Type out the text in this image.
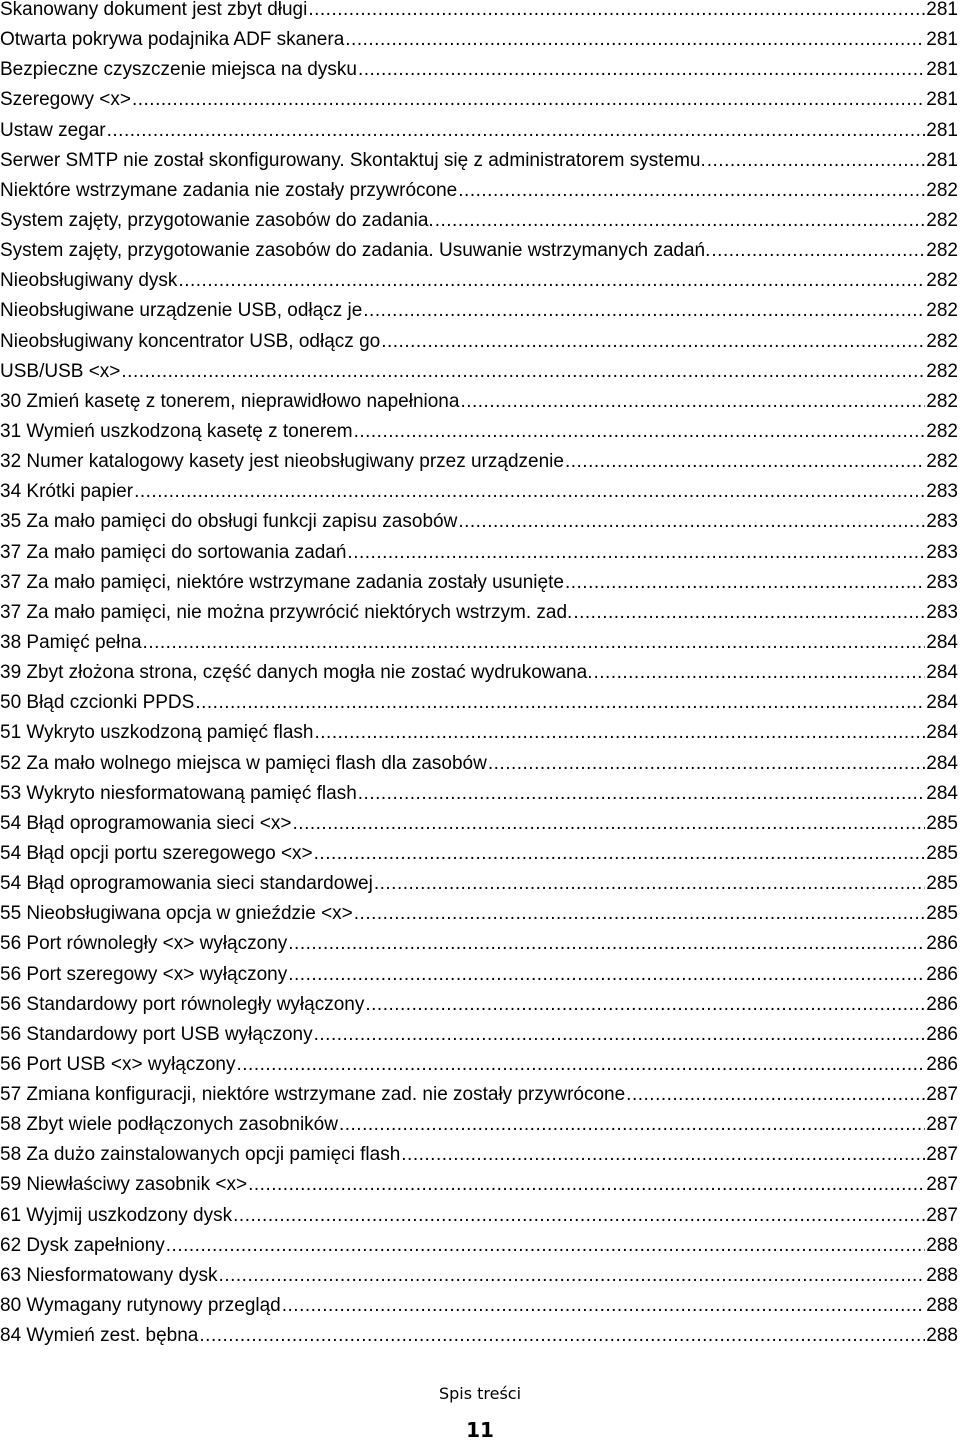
Skanowany dokument jest zbyt długi .....	281
Otwarta pokrywa podajnika ADF skanera .....	281
Bezpieczne czyszczenie miejsca na dysku .....	281
Szeregowy <x> .....	281
Ustaw zegar .....	281
Serwer SMTP nie został skonfigurowany. Skontaktuj się z administratorem systemu. .....	281
Niektóre wstrzymane zadania nie zostały przywrócone .....	282
System zajęty, przygotowanie zasobów do zadania. .....	282
System zajęty, przygotowanie zasobów do zadania. Usuwanie wstrzymanych zadań. .....	282
Nieobsługiwany dysk .....	282
Nieobsługiwane urządzenie USB, odłącz je .....	282
Nieobsługiwany koncentrator USB, odłącz go .....	282
USB/USB <x> .....	282
30 Zmień kasetę z tonerem, nieprawidłowo napełniona .....	282
31 Wymień uszkodzoną kasetę z tonerem .....	282
32 Numer katalogowy kasety jest nieobsługiwany przez urządzenie .....	282
34 Krótki papier .....	283
35 Za mało pamięci do obsługi funkcji zapisu zasobów .....	283
37 Za mało pamięci do sortowania zadań .....	283
37 Za mało pamięci, niektóre wstrzymane zadania zostały usunięte .....	283
37 Za mało pamięci, nie można przywrócić niektórych wstrzym. zad. .....	283
38 Pamięć pełna .....	284
39 Zbyt złożona strona, część danych mogła nie zostać wydrukowana. .....	284
50 Błąd czcionki PPDS .....	284
51 Wykryto uszkodzoną pamięć flash .....	284
52 Za mało wolnego miejsca w pamięci flash dla zasobów .....	284
53 Wykryto niesformatowaną pamięć flash .....	284
54 Błąd oprogramowania sieci <x> .....	285
54 Błąd opcji portu szeregowego <x> .....	285
54 Błąd oprogramowania sieci standardowej .....	285
55 Nieobsługiwana opcja w gnieździe <x> .....	285
56 Port równoległy <x> wyłączony .....	286
56 Port szeregowy <x> wyłączony .....	286
56 Standardowy port równoległy wyłączony .....	286
56 Standardowy port USB wyłączony .....	286
56 Port USB <x> wyłączony .....	286
57 Zmiana konfiguracji, niektóre wstrzymane zad. nie zostały przywrócone .....	287
58 Zbyt wiele podłączonych zasobników .....	287
58 Za dużo zainstalowanych opcji pamięci flash .....	287
59 Niewłaściwy zasobnik <x> .....	287
61 Wyjmij uszkodzony dysk .....	287
62 Dysk zapełniony .....	288
63 Niesformatowany dysk .....	288
80 Wymagany rutynowy przegląd .....	288
84 Wymień zest. bębna .....	288
Spis treści
11
